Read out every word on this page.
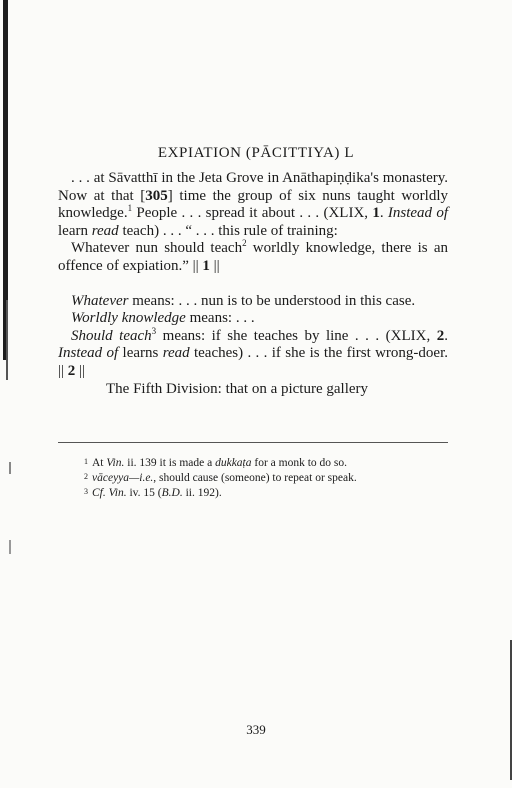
EXPIATION (PĀCITTIYA) L

. . . at Sāvatthī in the Jeta Grove in Anāthapiṇḍika's monastery. Now at that [305] time the group of six nuns taught worldly knowledge.$^1$ People . . . spread it about . . . (XLIX, 1. Instead of learn read teach) . . . “ . . . this rule of training:

Whatever nun should teach$^2$ worldly knowledge, there is an offence of expiation.” || 1 ||

Whatever means: . . . nun is to be understood in this case.

Worldly knowledge means: . . .

Should teach$^3$ means: if she teaches by line . . . (XLIX, 2. Instead of learns read teaches) . . . if she is the first wrong-doer. || 2 ||

The Fifth Division: that on a picture gallery

$^1$ At Vin. ii. 139 it is made a dukkaṭa for a monk to do so.

$^2$ vāceyya—i.e., should cause (someone) to repeat or speak.

$^3$ Cf. Vin. iv. 15 (B.D. ii. 192).

339
